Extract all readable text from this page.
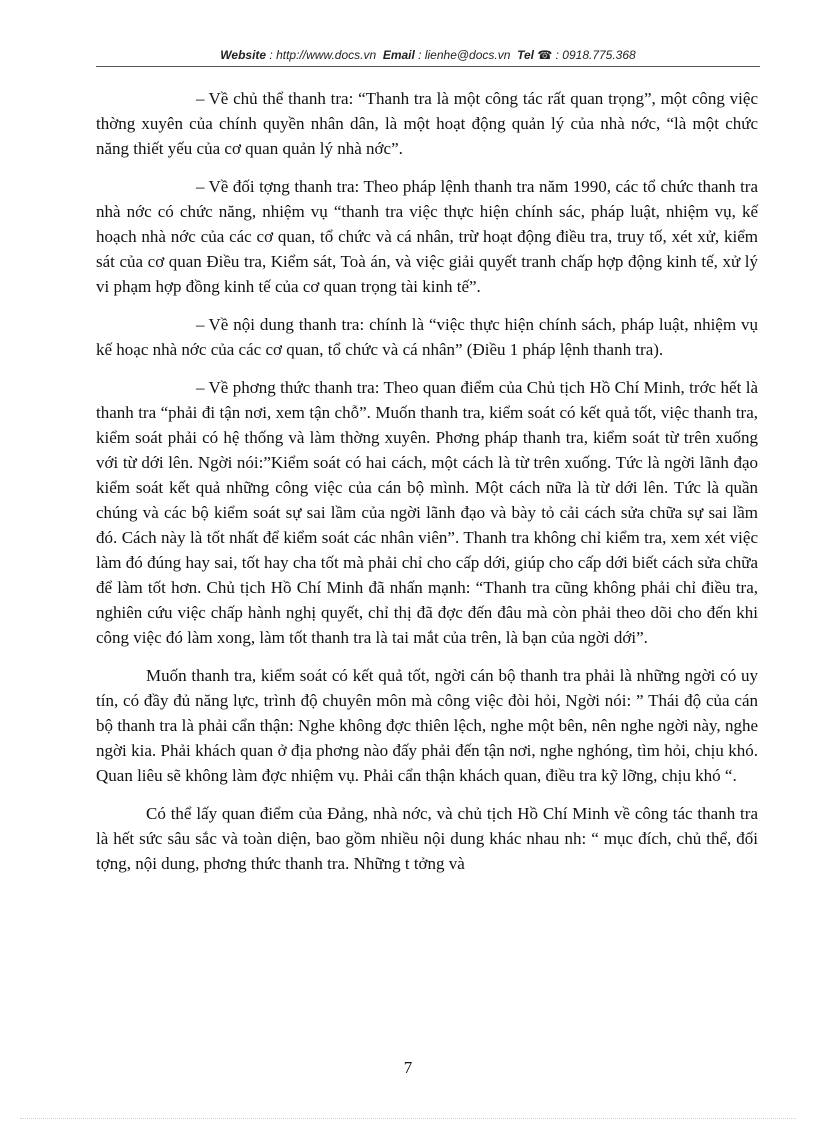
Website : http://www.docs.vn Email : lienhe@docs.vn Tel ☎ : 0918.775.368

– Về chủ thể thanh tra: “Thanh tra là một công tác rất quan trọng”, một công việc thờng xuyên của chính quyền nhân dân, là một hoạt động quản lý của nhà nớc, “là một chức năng thiết yếu của cơ quan quản lý nhà nớc”.

– Về đối tợng thanh tra: Theo pháp lệnh thanh tra năm 1990, các tổ chức thanh tra nhà nớc có chức năng, nhiệm vụ “thanh tra việc thực hiện chính sác, pháp luật, nhiệm vụ, kế hoạch nhà nớc của các cơ quan, tổ chức và cá nhân, trừ hoạt động điều tra, truy tố, xét xử, kiểm sát của cơ quan Điều tra, Kiểm sát, Toà án, và việc giải quyết tranh chấp hợp động kinh tế, xử lý vi phạm hợp đồng kinh tế của cơ quan trọng tài kinh tế”.

– Về nội dung thanh tra: chính là “việc thực hiện chính sách, pháp luật, nhiệm vụ kế hoạc nhà nớc của các cơ quan, tổ chức và cá nhân” (Điều 1 pháp lệnh thanh tra).

– Về phơng thức thanh tra: Theo quan điểm của Chủ tịch Hồ Chí Minh, trớc hết là thanh tra “phải đi tận nơi, xem tận chỗ”. Muốn thanh tra, kiểm soát có kết quả tốt, việc thanh tra, kiểm soát phải có hệ thống và làm thờng xuyên. Phơng pháp thanh tra, kiểm soát từ trên xuống với từ dới lên. Ngời nói:”Kiểm soát có hai cách, một cách là từ trên xuống. Tức là ngời lãnh đạo kiểm soát kết quả những công việc của cán bộ mình. Một cách nữa là từ dới lên. Tức là quần chúng và các bộ kiểm soát sự sai lầm của ngời lãnh đạo và bày tỏ cải cách sửa chữa sự sai lầm đó. Cách này là tốt nhất để kiểm soát các nhân viên”. Thanh tra không chỉ kiểm tra, xem xét việc làm đó đúng hay sai, tốt hay cha tốt mà phải chỉ cho cấp dới, giúp cho cấp dới biết cách sửa chữa để làm tốt hơn. Chủ tịch Hồ Chí Minh đã nhấn mạnh: “Thanh tra cũng không phải chỉ điều tra, nghiên cứu việc chấp hành nghị quyết, chỉ thị đã đợc đến đâu mà còn phải theo dõi cho đến khi công việc đó làm xong, làm tốt thanh tra là tai mắt của trên, là bạn của ngời dới”.

Muốn thanh tra, kiểm soát có kết quả tốt, ngời cán bộ thanh tra phải là những ngời có uy tín, có đầy đủ năng lực, trình độ chuyên môn mà công việc đòi hỏi, Ngời nói: ” Thái độ của cán bộ thanh tra là phải cẩn thận: Nghe không đợc thiên lệch, nghe một bên, nên nghe ngời này, nghe ngời kia. Phải khách quan ở địa phơng nào đấy phải đến tận nơi, nghe nghóng, tìm hỏi, chịu khó. Quan liêu sẽ không làm đợc nhiệm vụ. Phải cẩn thận khách quan, điều tra kỹ lỡng, chịu khó “.

Có thể lấy quan điểm của Đảng, nhà nớc, và chủ tịch Hồ Chí Minh về công tác thanh tra là hết sức sâu sắc và toàn diện, bao gồm nhiều nội dung khác nhau nh: “ mục đích, chủ thể, đối tợng, nội dung, phơng thức thanh tra. Những t tởng và

7
